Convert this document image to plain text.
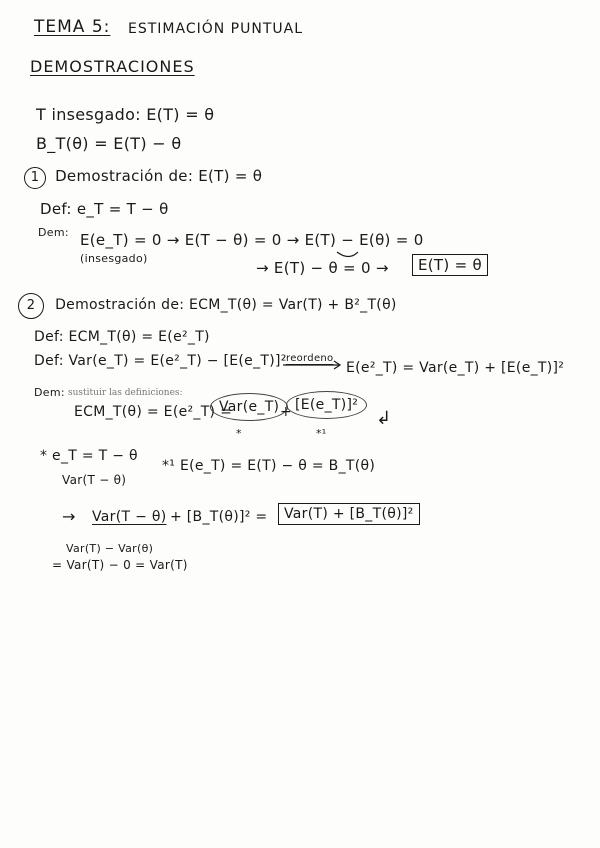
TEMA 5: ESTIMACIÓN PUNTUAL
DEMOSTRACIONES
T insesgado: E(T) = θ
B_T(θ) = E(T) − θ
1 Demostración de: E(T) = θ
Def: e_T = T − θ
Dem: E(e_T) = 0 → E(T − θ) = 0 → E(T) − E(θ) = 0
(insesgado)
→ E(T) − θ = 0 →	E(T) = θ
2 Demostración de: ECM_T(θ) = Var(T) + B²_T(θ)
Def: ECM_T(θ) = E(e²_T)
Def: Var(e_T) = E(e²_T) − [E(e_T)]² reordeno
E(e²_T) = Var(e_T) + [E(e_T)]²
Dem: sustituir las definiciones:
ECM_T(θ) = E(e²_T) =
Var(e_T) + [E(e_T)]²
*	*¹
↲
* e_T = T − θ
Var(T − θ)
*¹ E(e_T) = E(T) − θ = B_T(θ)
→ Var(T − θ) + [B_T(θ)]² =	Var(T) + [B_T(θ)]²
Var(T) − Var(θ)
= Var(T) − 0 = Var(T)
